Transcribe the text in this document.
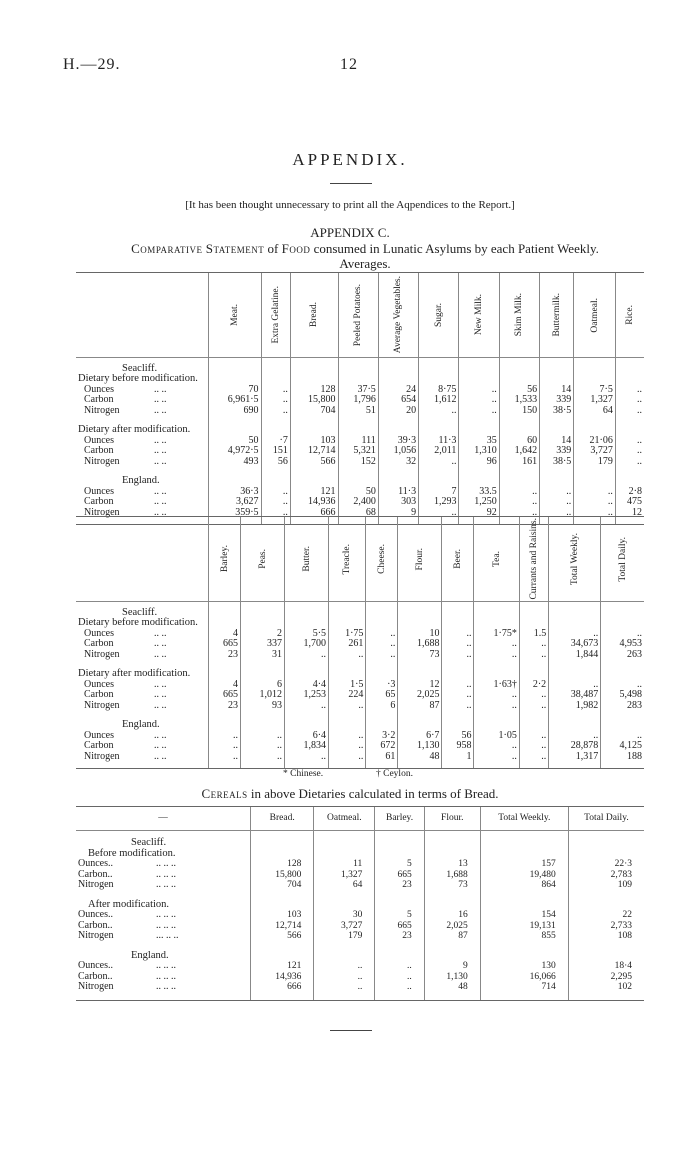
H.—29.	12
APPENDIX.
[It has been thought unnecessary to print all the Aqpendices to the Report.]
APPENDIX C.
Comparative Statement of Food consumed in Lunatic Asylums by each Patient Weekly.
Averages.

	Meat.	Extra Gelatine.	Bread.	Peeled Potatoes.	Average Vegetables.	Sugar.	New Milk.	Skim Milk.	Buttermilk.	Oatmeal.	Rice.

Seacliff.											
Dietary before modification.											
Ounces .. ..	70	..	128	37·5	24	8·75	..	56	14	7·5	..
Carbon .. ..	6,961·5	..	15,800	1,796	654	1,612	..	1,533	339	1,327	..
Nitrogen .. ..	690	..	704	51	20	..	..	150	38·5	64	..

Dietary after modification.											
Ounces .. ..	50	·7	103	111	39·3	11·3	35	60	14	21·06	..
Carbon .. ..	4,972·5	151	12,714	5,321	1,056	2,011	1,310	1,642	339	3,727	..
Nitrogen .. ..	493	56	566	152	32	..	96	161	38·5	179	..

England.											
Ounces .. ..	36·3	..	121	50	11·3	7	33.5	..	..	..	2·8
Carbon .. ..	3,627	..	14,936	2,400	303	1,293	1,250	..	..	..	475
Nitrogen .. ..	359·5	..	666	68	9	..	92	..	..	..	12

	Barley.	Peas.	Butter.	Treacle.	Cheese.	Flour.	Beer.	Tea.	Currants and Raisins.	Total Weekly.	Total Daily.

Seacliff.											
Dietary before modification.											
Ounces .. ..	4	2	5·5	1·75	..	10	..	1·75*	1.5	..	..
Carbon .. ..	665	337	1,700	261	..	1,688	..	..	..	34,673	4,953
Nitrogen .. ..	23	31	..	..	..	73	..	..	..	1,844	263

Dietary after modification.											
Ounces .. ..	4	6	4·4	1·5	·3	12	..	1·63†	2·2	..	..
Carbon .. ..	665	1,012	1,253	224	65	2,025	..	..	..	38,487	5,498
Nitrogen .. ..	23	93	..	..	6	87	..	..	..	1,982	283

England.											
Ounces .. ..	..	..	6·4	..	3·2	6·7	56	1·05	..	..	..
Carbon .. ..	..	..	1,834	..	672	1,130	958	..	..	28,878	4,125
Nitrogen .. ..	..	..	..	..	61	48	1	..	..	1,317	188

* Chinese.	† Ceylon.
Cereals in above Dietaries calculated in terms of Bread.
—	Bread.	Oatmeal.	Barley.	Flour.	Total Weekly.	Total Daily.

Seacliff.						
Before modification.						
Ounces.. .. .. ..	128	11	5	13	157	22·3
Carbon.. .. .. ..	15,800	1,327	665	1,688	19,480	2,783
Nitrogen .. .. ..	704	64	23	73	864	109

After modification.						
Ounces.. .. .. ..	103	30	5	16	154	22
Carbon.. .. .. ..	12,714	3,727	665	2,025	19,131	2,733
Nitrogen ... .. ..	566	179	23	87	855	108

England.						
Ounces.. .. .. ..	121	..	..	9	130	18·4
Carbon.. .. .. ..	14,936	..	..	1,130	16,066	2,295
Nitrogen .. .. ..	666	..	..	48	714	102
